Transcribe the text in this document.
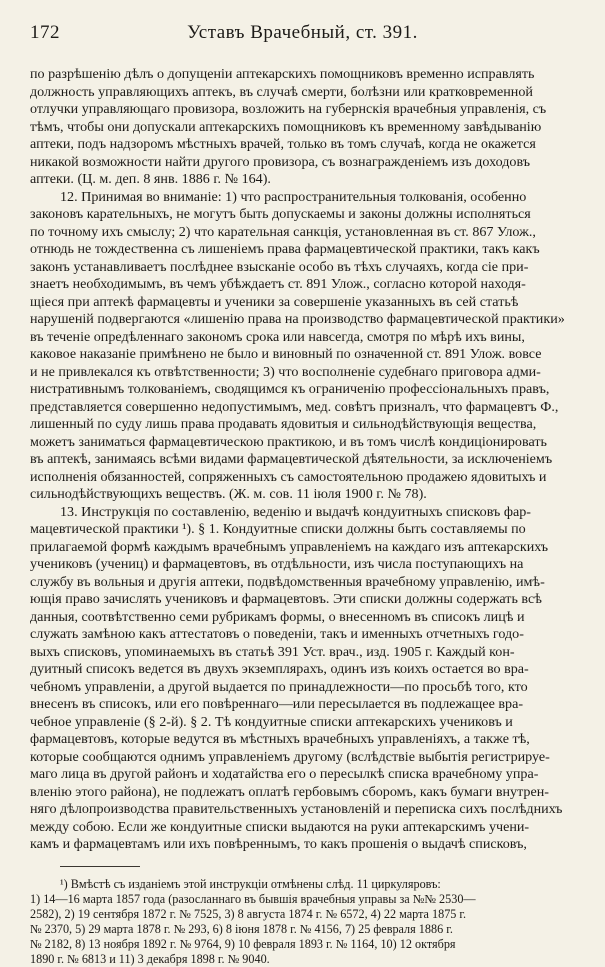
172	Уставъ Врачебный, ст. 391.
по разрѣшенію дѣлъ о допущеніи аптекарскихъ помощниковъ временно исправлять
должность управляющихъ аптекъ, въ случаѣ смерти, болѣзни или кратковременной
отлучки управляющаго провизора, возложить на губернскія врачебныя управленія, съ
тѣмъ, чтобы они допускали аптекарскихъ помощниковъ къ временному завѣдыванію
аптеки, подъ надзоромъ мѣстныхъ врачей, только въ томъ случаѣ, когда не окажется
никакой возможности найти другого провизора, съ вознагражденіемъ изъ доходовъ
аптеки. (Ц. м. деп. 8 янв. 1886 г. № 164).
12. Принимая во вниманіе: 1) что распространительныя толкованія, особенно
законовъ карательныхъ, не могутъ быть допускаемы и законы должны исполняться
по точному ихъ смыслу; 2) что карательная санкція, установленная въ ст. 867 Улож.,
отнюдь не тождественна съ лишеніемъ права фармацевтической практики, такъ какъ
законъ устанавливаетъ послѣднее взысканіе особо въ тѣхъ случаяхъ, когда сіе при-
знаетъ необходимымъ, въ чемъ убѣждаетъ ст. 891 Улож., согласно которой находя-
щіеся при аптекѣ фармацевты и ученики за совершеніе указанныхъ въ сей статьѣ
нарушеній подвергаются «лишенію права на производство фармацевтической практики»
въ теченіе опредѣленнаго закономъ срока или навсегда, смотря по мѣрѣ ихъ вины,
каковое наказаніе примѣнено не было и виновный по означенной ст. 891 Улож. вовсе
и не привлекался къ отвѣтственности; 3) что восполненіе судебнаго приговора адми-
нистративнымъ толкованіемъ, сводящимся къ ограниченію профессіональныхъ правъ,
представляется совершенно недопустимымъ, мед. совѣтъ призналъ, что фармацевтъ Ф.,
лишенный по суду лишь права продавать ядовитыя и сильнодѣйствующія вещества,
можетъ заниматься фармацевтическою практикою, и въ томъ числѣ кондиціонировать
въ аптекѣ, занимаясь всѣми видами фармацевтической дѣятельности, за исключеніемъ
исполненія обязанностей, сопряженныхъ съ самостоятельною продажею ядовитыхъ и
сильнодѣйствующихъ веществъ. (Ж. м. сов. 11 іюля 1900 г. № 78).
13. Инструкція по составленію, веденію и выдачѣ кондуитныхъ списковъ фар-
мацевтической практики ¹). § 1. Кондуитные списки должны быть составляемы по
прилагаемой формѣ каждымъ врачебнымъ управленіемъ на каждаго изъ аптекарскихъ
учениковъ (учениц) и фармацевтовъ, въ отдѣльности, изъ числа поступающихъ на
службу въ вольныя и другія аптеки, подвѣдомственныя врачебному управленію, имѣ-
ющія право зачислять учениковъ и фармацевтовъ. Эти списки должны содержать всѣ
данныя, соотвѣтственно семи рубрикамъ формы, о внесенномъ въ списокъ лицѣ и
служать замѣною какъ аттестатовъ о поведеніи, такъ и именныхъ отчетныхъ годо-
выхъ списковъ, упоминаемыхъ въ статьѣ 391 Уст. врач., изд. 1905 г. Каждый кон-
дуитный списокъ ведется въ двухъ экземплярахъ, одинъ изъ коихъ остается во вра-
чебномъ управленіи, а другой выдается по принадлежности—по просьбѣ того, кто
внесенъ въ списокъ, или его повѣреннаго—или пересылается въ подлежащее вра-
чебное управленіе (§ 2-й). § 2. Тѣ кондуитные списки аптекарскихъ учениковъ и
фармацевтовъ, которые ведутся въ мѣстныхъ врачебныхъ управленіяхъ, а также тѣ,
которые сообщаются однимъ управленіемъ другому (вслѣдствіе выбытія регистрируе-
маго лица въ другой районъ и ходатайства его о пересылкѣ списка врачебному упра-
вленію этого района), не подлежатъ оплатѣ гербовымъ сборомъ, какъ бумаги внутрен-
няго дѣлопроизводства правительственныхъ установленій и переписка сихъ послѣднихъ
между собою. Если же кондуитные списки выдаются на руки аптекарскимъ учени-
камъ и фармацевтамъ или ихъ повѣреннымъ, то какъ прошенія о выдачѣ списковъ,
¹) Вмѣстѣ съ изданіемъ этой инструкціи отмѣнены слѣд. 11 циркуляровъ:
1) 14—16 марта 1857 года (разосланнаго въ бывшія врачебныя управы за №№ 2530—
2582), 2) 19 сентября 1872 г. № 7525, 3) 8 августа 1874 г. № 6572, 4) 22 марта 1875 г.
№ 2370, 5) 29 марта 1878 г. № 293, 6) 8 іюня 1878 г. № 4156, 7) 25 февраля 1886 г.
№ 2182, 8) 13 ноября 1892 г. № 9764, 9) 10 февраля 1893 г. № 1164, 10) 12 октября
1890 г. № 6813 и 11) 3 декабря 1898 г. № 9040.
